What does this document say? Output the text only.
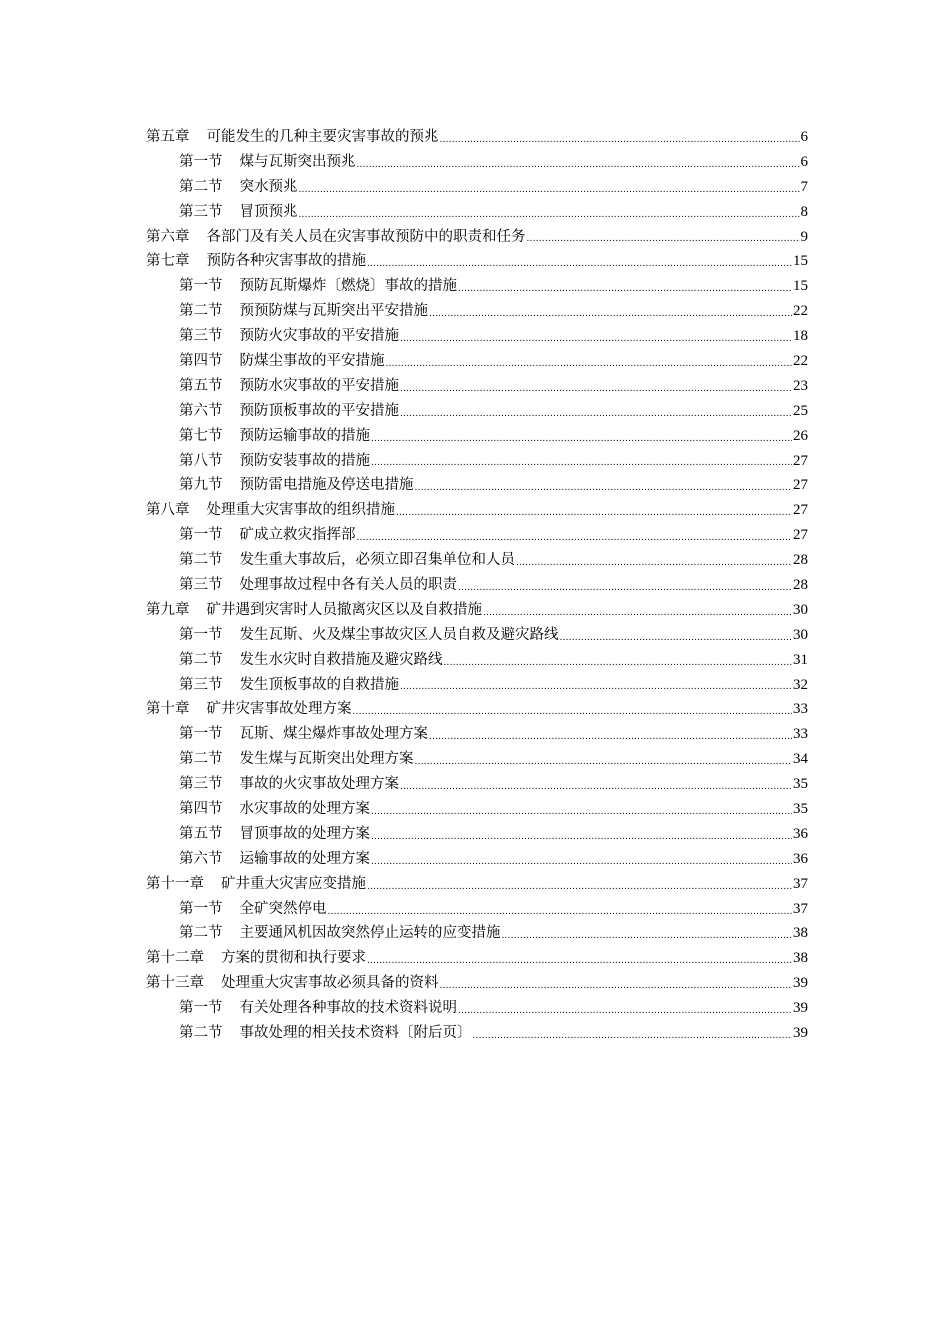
第五章 可能发生的几种主要灾害事故的预兆 .....	6
第一节 煤与瓦斯突出预兆 .....	6
第二节 突水预兆 .....	7
第三节 冒顶预兆 .....	8
第六章 各部门及有关人员在灾害事故预防中的职责和任务 .....	9
第七章 预防各种灾害事故的措施 .....	15
第一节 预防瓦斯爆炸〔燃烧〕事故的措施 .....	15
第二节 预预防煤与瓦斯突出平安措施 .....	22
第三节 预防火灾事故的平安措施 .....	18
第四节 防煤尘事故的平安措施 .....	22
第五节 预防水灾事故的平安措施 .....	23
第六节 预防顶板事故的平安措施 .....	25
第七节 预防运输事故的措施 .....	26
第八节 预防安装事故的措施 .....	27
第九节 预防雷电措施及停送电措施 .....	27
第八章 处理重大灾害事故的组织措施 .....	27
第一节 矿成立救灾指挥部 .....	27
第二节 发生重大事故后，必须立即召集单位和人员 .....	28
第三节 处理事故过程中各有关人员的职责 .....	28
第九章 矿井遇到灾害时人员撤离灾区以及自救措施 .....	30
第一节 发生瓦斯、火及煤尘事故灾区人员自救及避灾路线 .....	30
第二节 发生水灾时自救措施及避灾路线 .....	31
第三节 发生顶板事故的自救措施 .....	32
第十章 矿井灾害事故处理方案 .....	33
第一节 瓦斯、煤尘爆炸事故处理方案 .....	33
第二节 发生煤与瓦斯突出处理方案 .....	34
第三节 事故的火灾事故处理方案 .....	35
第四节 水灾事故的处理方案 .....	35
第五节 冒顶事故的处理方案 .....	36
第六节 运输事故的处理方案 .....	36
第十一章 矿井重大灾害应变措施 .....	37
第一节 全矿突然停电 .....	37
第二节 主要通风机因故突然停止运转的应变措施 .....	38
第十二章 方案的贯彻和执行要求 .....	38
第十三章 处理重大灾害事故必须具备的资料 .....	39
第一节 有关处理各种事故的技术资料说明 .....	39
第二节 事故处理的相关技术资料〔附后页〕 .....	39
